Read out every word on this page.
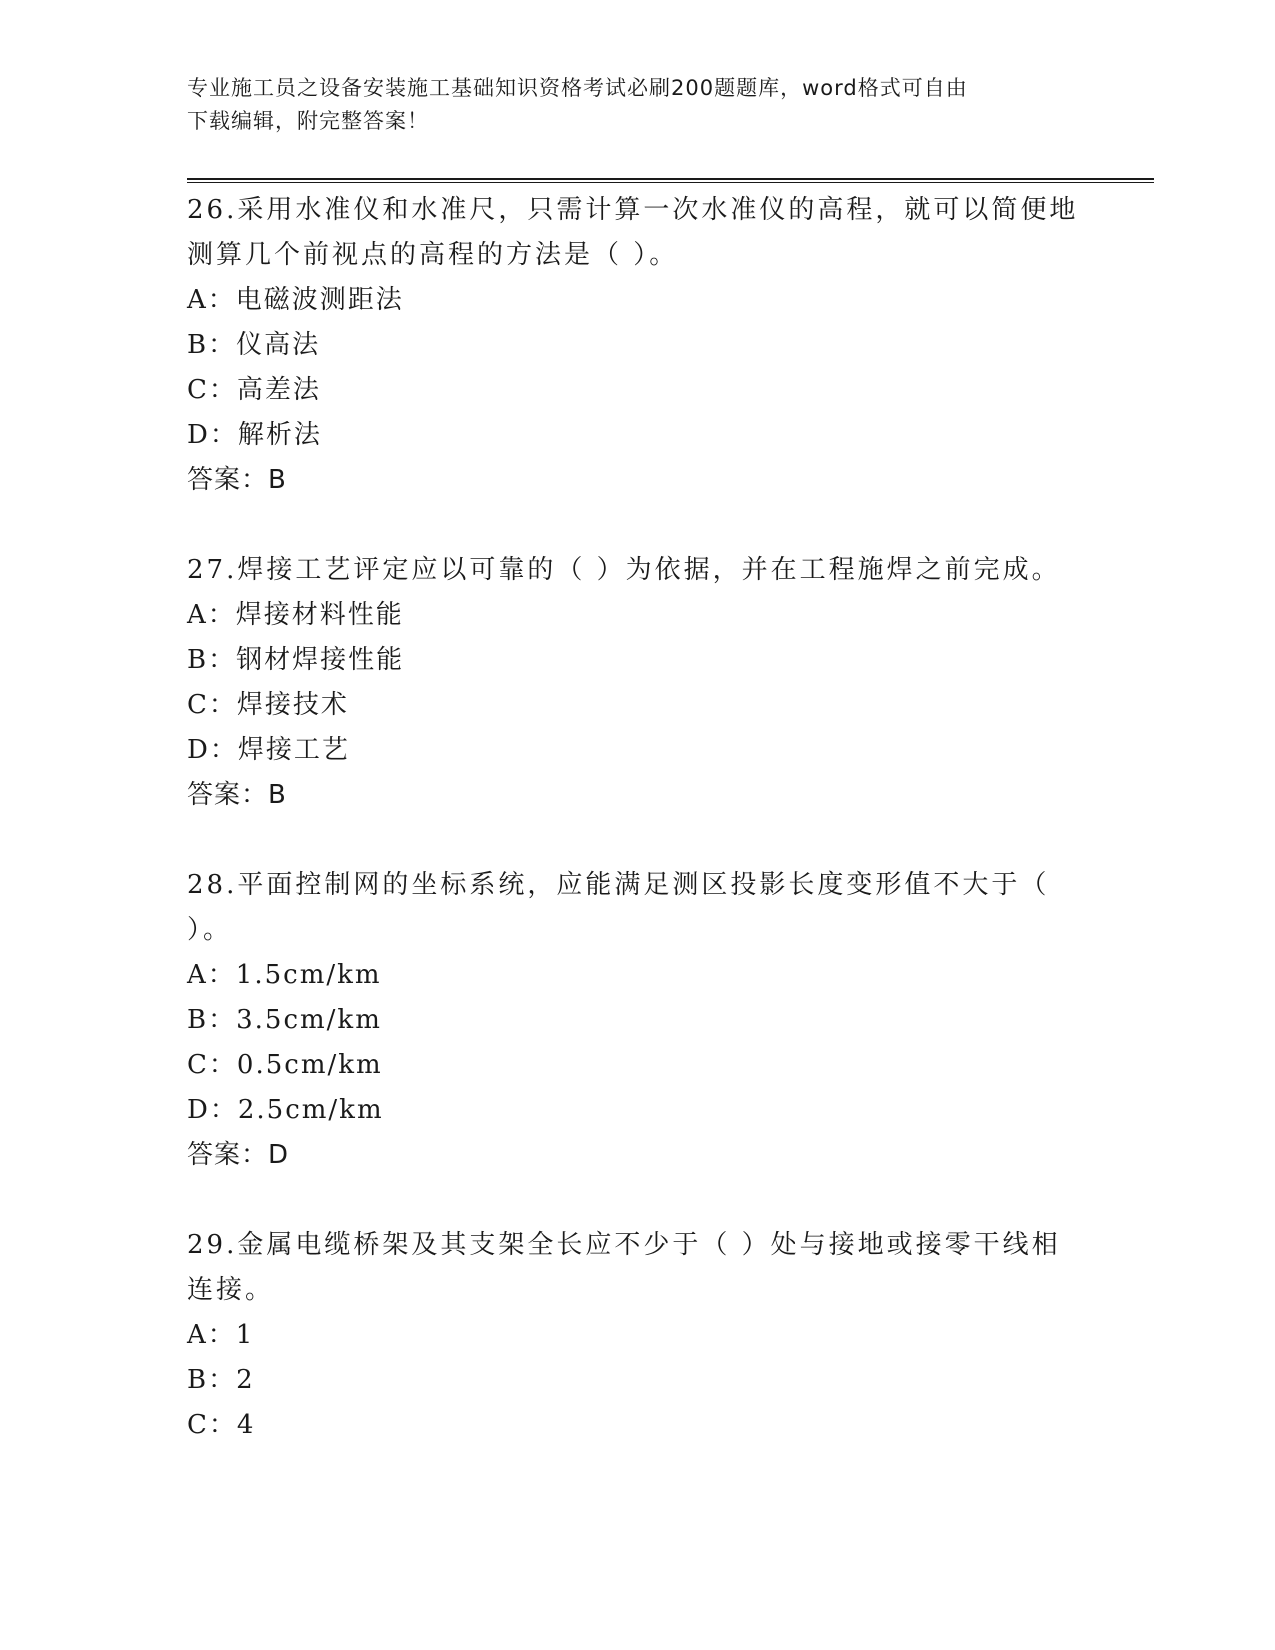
专业施工员之设备安装施工基础知识资格考试必刷200题题库，word格式可自由
下载编辑，附完整答案！

26.采用水准仪和水准尺，只需计算一次水准仪的高程，就可以简便地
测算几个前视点的高程的方法是（ ）。

A：电磁波测距法

B：仪高法

C：高差法

D：解析法

答案：B

27.焊接工艺评定应以可靠的（ ）为依据，并在工程施焊之前完成。

A：焊接材料性能

B：钢材焊接性能

C：焊接技术

D：焊接工艺

答案：B

28.平面控制网的坐标系统，应能满足测区投影长度变形值不大于（
）。

A：1.5cm/km

B：3.5cm/km

C：0.5cm/km

D：2.5cm/km

答案：D

29.金属电缆桥架及其支架全长应不少于（ ）处与接地或接零干线相
连接。

A：1

B：2

C：4
